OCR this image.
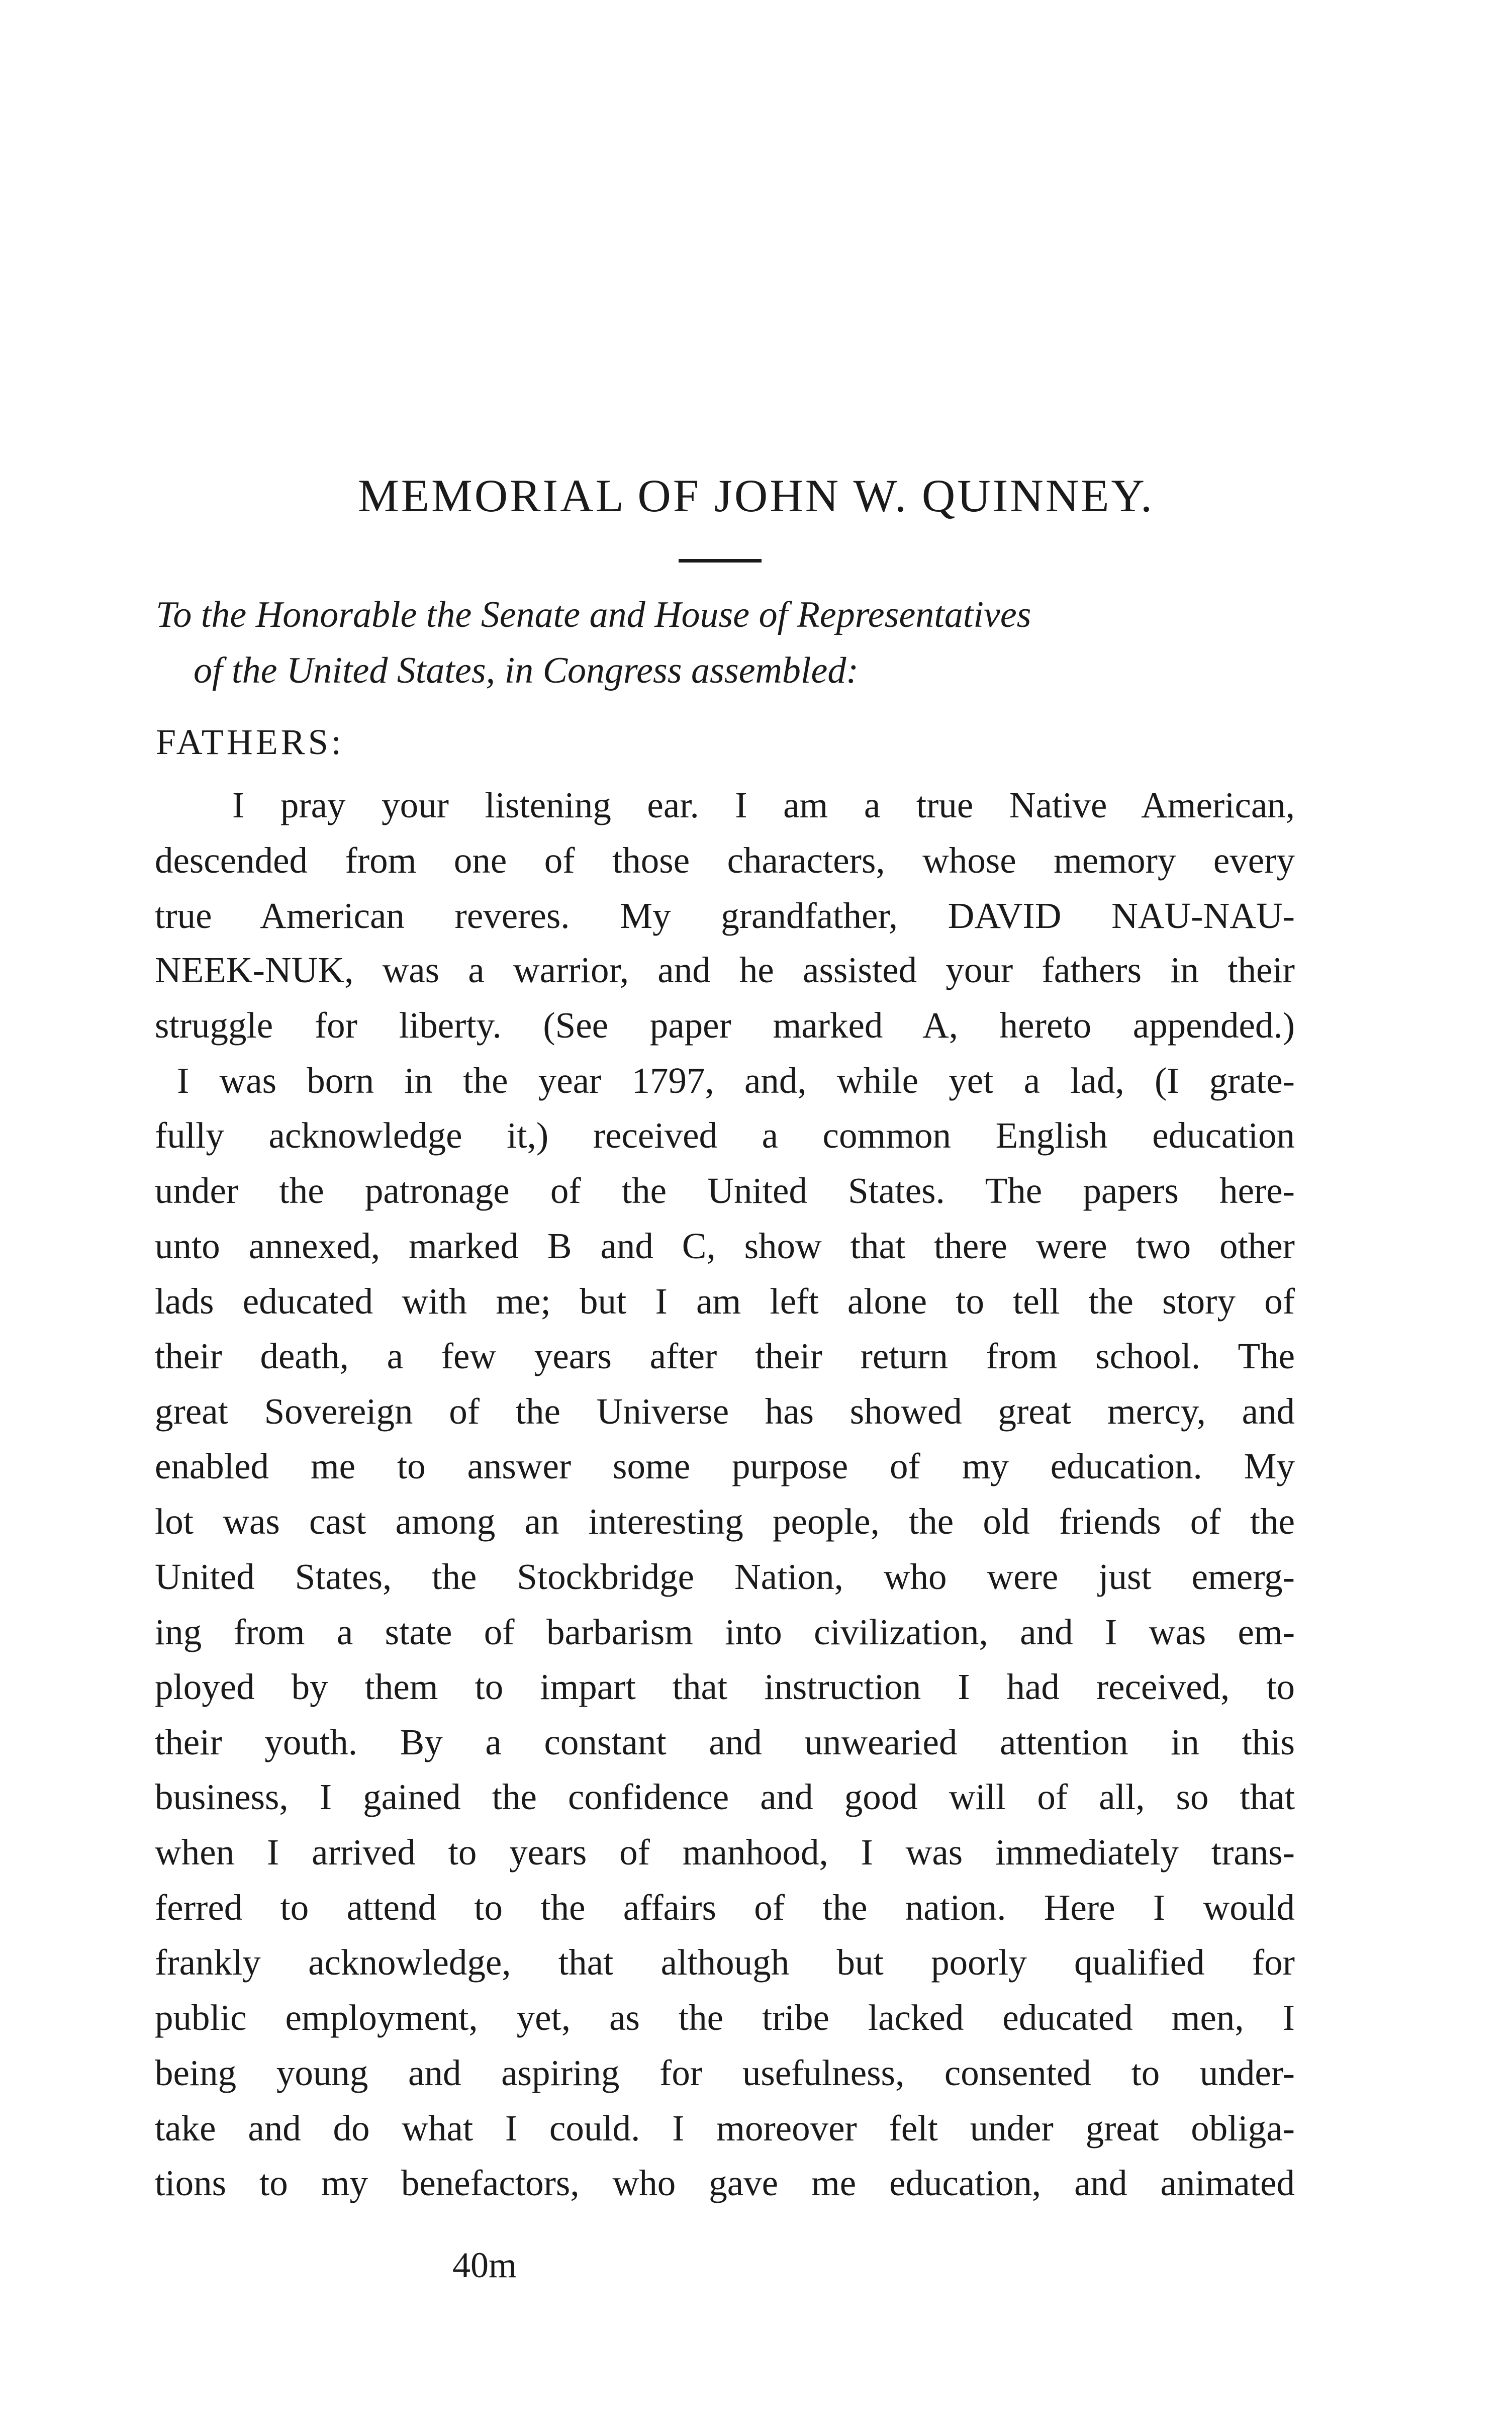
MEMORIAL OF JOHN W. QUINNEY.
To the Honorable the Senate and House of Representatives
of the United States, in Congress assembled:
FATHERS:
I pray your listening ear. I am a true Native American,
descended from one of those characters, whose memory every
true American reveres. My grandfather, DAVID NAU-NAU-
NEEK-NUK, was a warrior, and he assisted your fathers in their
struggle for liberty. (See paper marked A, hereto appended.)
I was born in the year 1797, and, while yet a lad, (I grate-
fully acknowledge it,) received a common English education
under the patronage of the United States. The papers here-
unto annexed, marked B and C, show that there were two other
lads educated with me; but I am left alone to tell the story of
their death, a few years after their return from school. The
great Sovereign of the Universe has showed great mercy, and
enabled me to answer some purpose of my education. My
lot was cast among an interesting people, the old friends of the
United States, the Stockbridge Nation, who were just emerg-
ing from a state of barbarism into civilization, and I was em-
ployed by them to impart that instruction I had received, to
their youth. By a constant and unwearied attention in this
business, I gained the confidence and good will of all, so that
when I arrived to years of manhood, I was immediately trans-
ferred to attend to the affairs of the nation. Here I would
frankly acknowledge, that although but poorly qualified for
public employment, yet, as the tribe lacked educated men, I
being young and aspiring for usefulness, consented to under-
take and do what I could. I moreover felt under great obliga-
tions to my benefactors, who gave me education, and animated
40m
